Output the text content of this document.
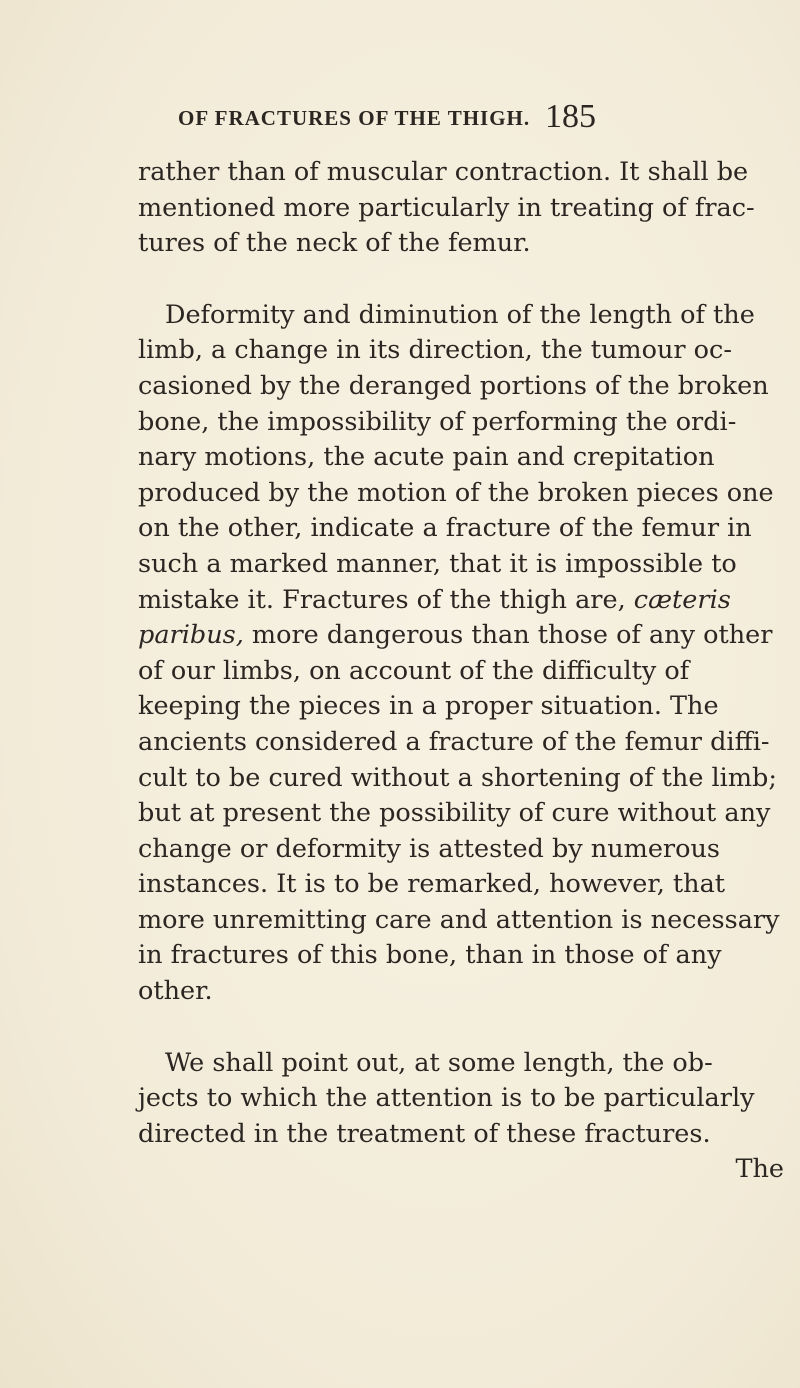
OF FRACTURES OF THE THIGH. 185

rather than of muscular contraction. It shall be
mentioned more particularly in treating of frac-
tures of the neck of the femur.

Deformity and diminution of the length of the
limb, a change in its direction, the tumour oc-
casioned by the deranged portions of the broken
bone, the impossibility of performing the ordi-
nary motions, the acute pain and crepitation
produced by the motion of the broken pieces one
on the other, indicate a fracture of the femur in
such a marked manner, that it is impossible to
mistake it. Fractures of the thigh are, cæteris
paribus, more dangerous than those of any other
of our limbs, on account of the difficulty of
keeping the pieces in a proper situation. The
ancients considered a fracture of the femur diffi-
cult to be cured without a shortening of the limb;
but at present the possibility of cure without any
change or deformity is attested by numerous
instances. It is to be remarked, however, that
more unremitting care and attention is necessary
in fractures of this bone, than in those of any
other.

We shall point out, at some length, the ob-
jects to which the attention is to be particularly
directed in the treatment of these fractures.
The
